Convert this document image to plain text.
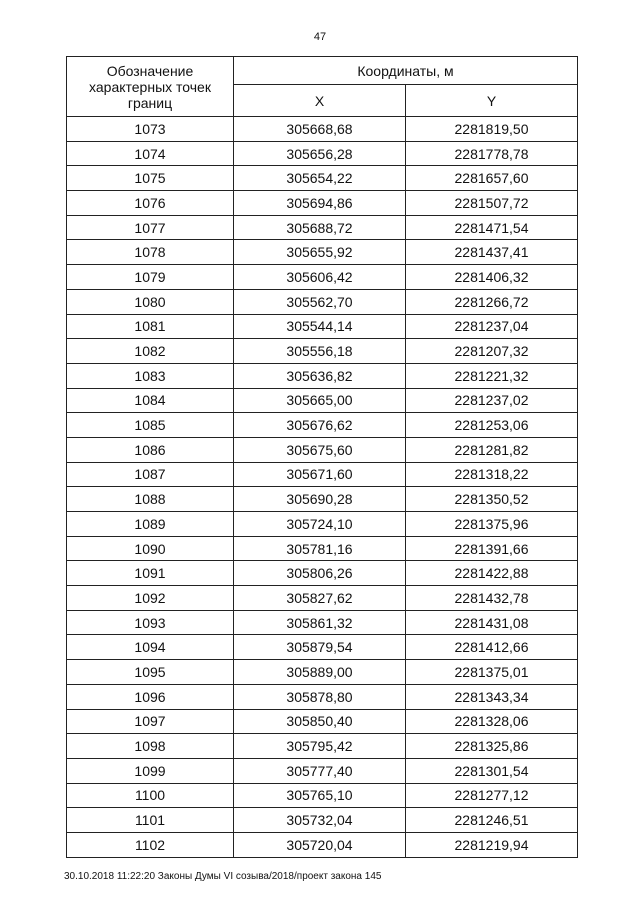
47
Обозначение
характерных точек
границ	Координаты, м	
	X	Y
1073	305668,68	2281819,50
1074	305656,28	2281778,78
1075	305654,22	2281657,60
1076	305694,86	2281507,72
1077	305688,72	2281471,54
1078	305655,92	2281437,41
1079	305606,42	2281406,32
1080	305562,70	2281266,72
1081	305544,14	2281237,04
1082	305556,18	2281207,32
1083	305636,82	2281221,32
1084	305665,00	2281237,02
1085	305676,62	2281253,06
1086	305675,60	2281281,82
1087	305671,60	2281318,22
1088	305690,28	2281350,52
1089	305724,10	2281375,96
1090	305781,16	2281391,66
1091	305806,26	2281422,88
1092	305827,62	2281432,78
1093	305861,32	2281431,08
1094	305879,54	2281412,66
1095	305889,00	2281375,01
1096	305878,80	2281343,34
1097	305850,40	2281328,06
1098	305795,42	2281325,86
1099	305777,40	2281301,54
1100	305765,10	2281277,12
1101	305732,04	2281246,51
1102	305720,04	2281219,94
30.10.2018 11:22:20 Законы Думы VI созыва/2018/проект закона 145
